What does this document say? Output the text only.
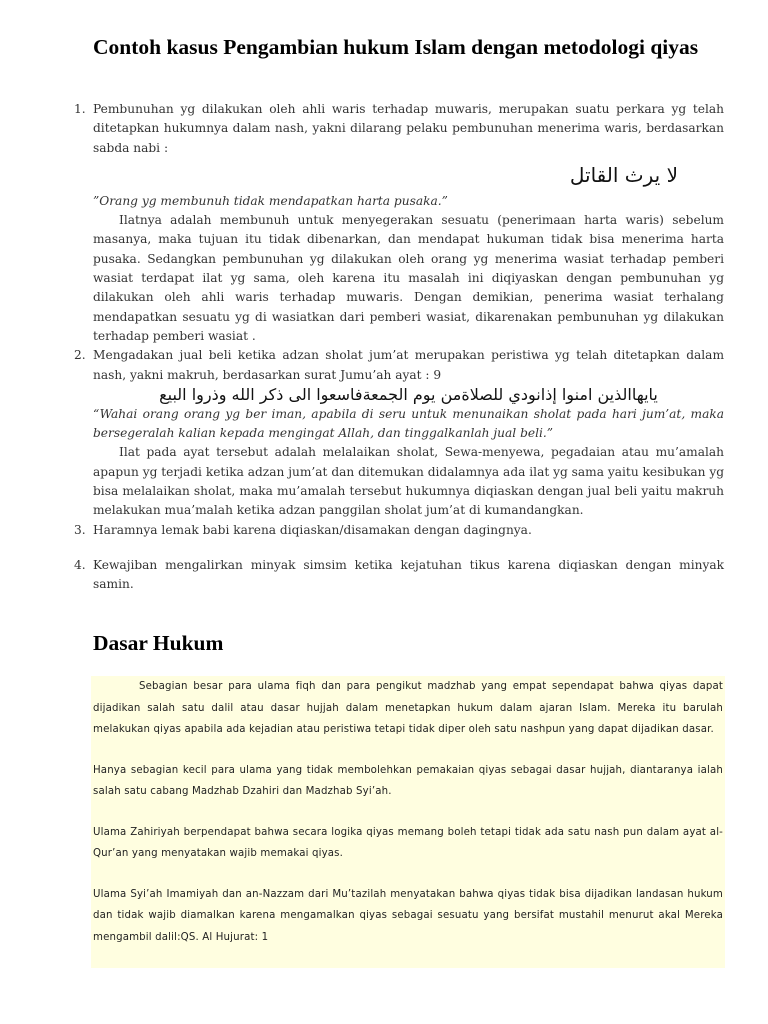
Contoh kasus Pengambian hukum Islam dengan metodologi qiyas
1. Pembunuhan yg dilakukan oleh ahli waris terhadap muwaris, merupakan suatu perkara yg telah ditetapkan hukumnya dalam nash, yakni dilarang pelaku pembunuhan menerima waris, berdasarkan sabda nabi :
لا يرث القاتل
”Orang yg membunuh tidak mendapatkan harta pusaka.”
Ilatnya adalah membunuh untuk menyegerakan sesuatu (penerimaan harta waris) sebelum masanya, maka tujuan itu tidak dibenarkan, dan mendapat hukuman tidak bisa menerima harta pusaka. Sedangkan pembunuhan yg dilakukan oleh orang yg menerima wasiat terhadap pemberi wasiat terdapat ilat yg sama, oleh karena itu masalah ini diqiyaskan dengan pembunuhan yg dilakukan oleh ahli waris terhadap muwaris. Dengan demikian, penerima wasiat terhalang mendapatkan sesuatu yg di wasiatkan dari pemberi wasiat, dikarenakan pembunuhan yg dilakukan terhadap pemberi wasiat .
2. Mengadakan jual beli ketika adzan sholat jum’at merupakan peristiwa yg telah ditetapkan dalam nash, yakni makruh, berdasarkan surat Jumu’ah ayat : 9
يايهاالذين امنوا إذانودي للصلاةمن يوم الجمعةفاسعوا الى ذكر الله وذروا البيع
“Wahai orang orang yg ber iman, apabila di seru untuk menunaikan sholat pada hari jum’at, maka bersegeralah kalian kepada mengingat Allah, dan tinggalkanlah jual beli.”
Ilat pada ayat tersebut adalah melalaikan sholat, Sewa-menyewa, pegadaian atau mu’amalah apapun yg terjadi ketika adzan jum’at dan ditemukan didalamnya ada ilat yg sama yaitu kesibukan yg bisa melalaikan sholat, maka mu’amalah tersebut hukumnya diqiaskan dengan jual beli yaitu makruh melakukan mua’malah ketika adzan panggilan sholat jum’at di kumandangkan.
3. Haramnya lemak babi karena diqiaskan/disamakan dengan dagingnya.
4. Kewajiban mengalirkan minyak simsim ketika kejatuhan tikus karena diqiaskan dengan minyak samin.
Dasar Hukum

Sebagian besar para ulama fiqh dan para pengikut madzhab yang empat sependapat bahwa qiyas dapat dijadikan salah satu dalil atau dasar hujjah dalam menetapkan hukum dalam ajaran Islam. Mereka itu barulah melakukan qiyas apabila ada kejadian atau peristiwa tetapi tidak diper oleh satu nashpun yang dapat dijadikan dasar.

Hanya sebagian kecil para ulama yang tidak membolehkan pemakaian qiyas sebagai dasar hujjah, diantaranya ialah salah satu cabang Madzhab Dzahiri dan Madzhab Syi’ah.

Ulama Zahiriyah berpendapat bahwa secara logika qiyas memang boleh tetapi tidak ada satu nash pun dalam ayat al-Qur’an yang menyatakan wajib memakai qiyas.

Ulama Syi’ah Imamiyah dan an-Nazzam dari Mu’tazilah menyatakan bahwa qiyas tidak bisa dijadikan landasan hukum dan tidak wajib diamalkan karena mengamalkan qiyas sebagai sesuatu yang bersifat mustahil menurut akal Mereka mengambil dalil:QS. Al Hujurat: 1
